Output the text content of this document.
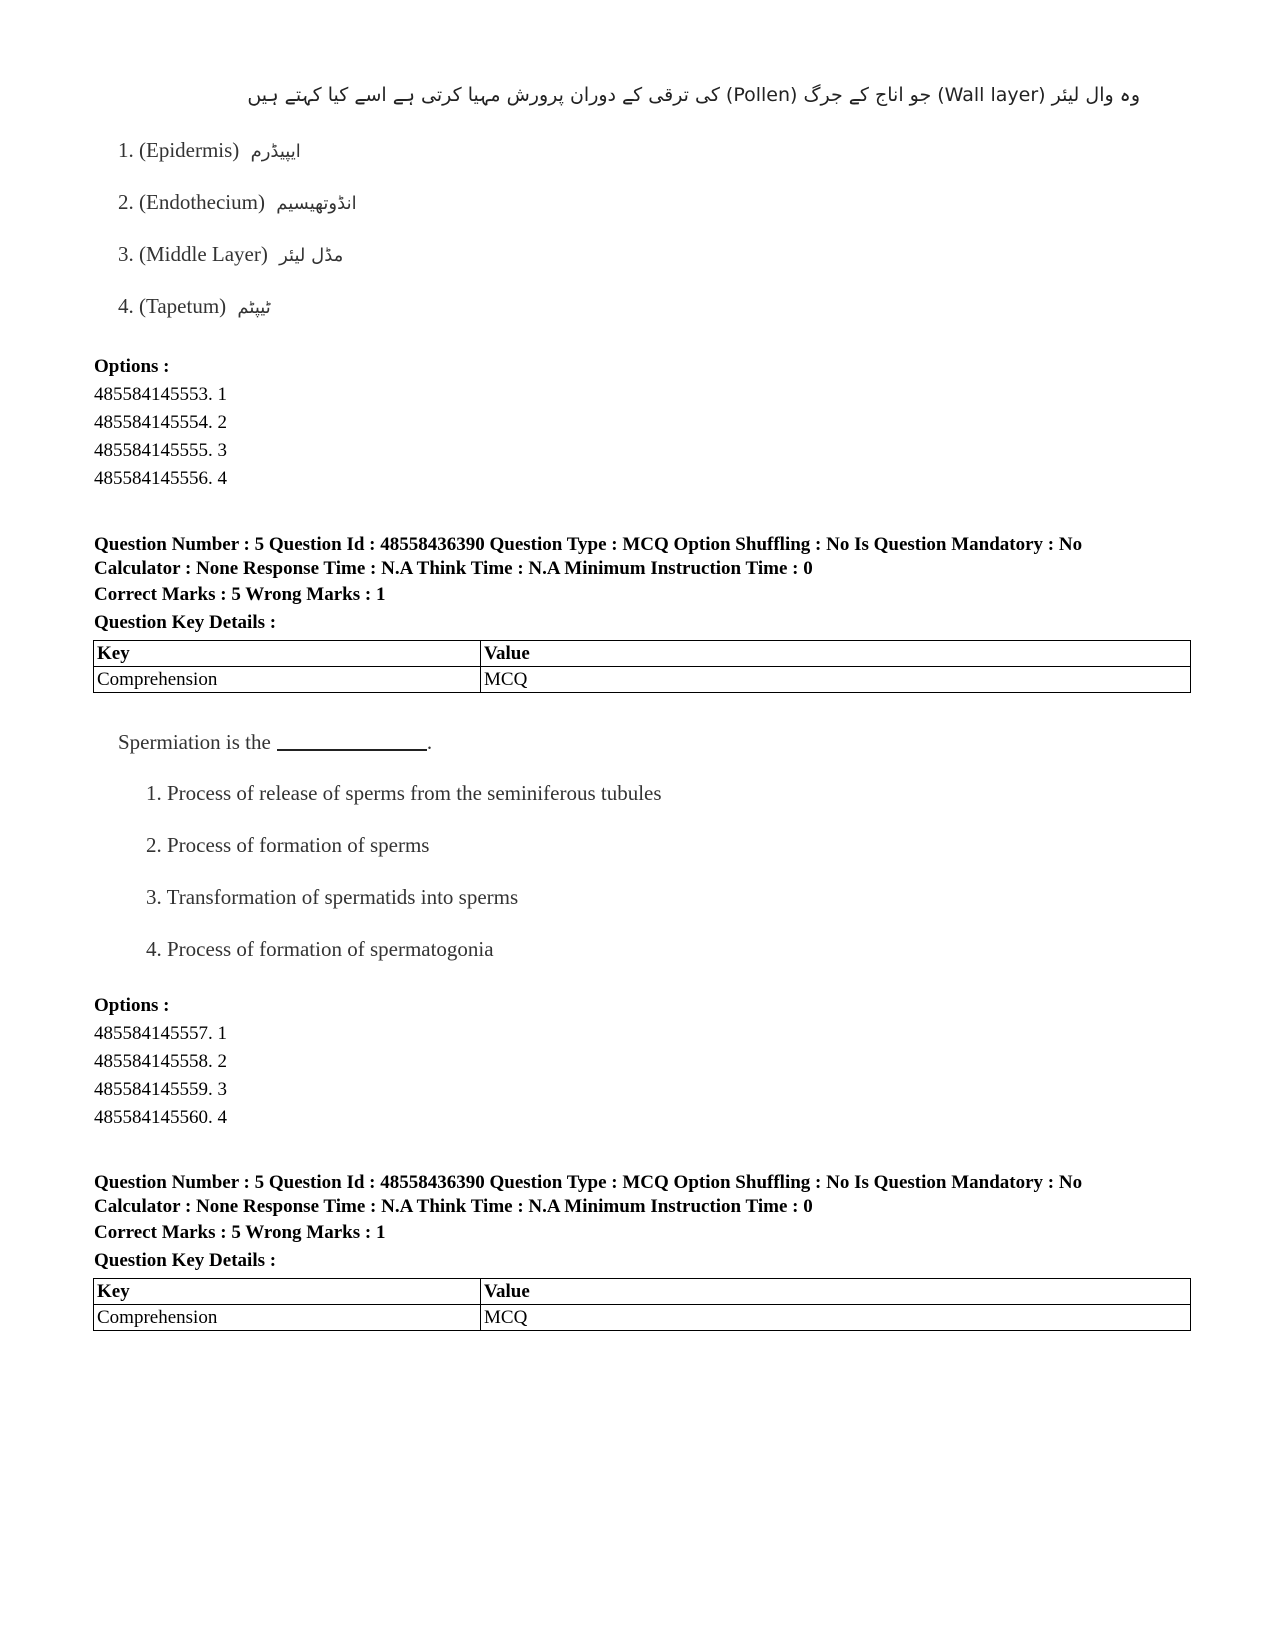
وہ وال لیئر (Wall layer) جو اناج کے جرگ (Pollen) کی ترقی کے دوران پرورش مہیا کرتی ہے اسے کیا کہتے ہیں
1. (Epidermis) ایپیڈرم
2. (Endothecium) انڈوتھیسیم
3. (Middle Layer) مڈل لیئر
4. (Tapetum) ٹیپٹم
Options :
485584145553. 1
485584145554. 2
485584145555. 3
485584145556. 4
Question Number : 5 Question Id : 48558436390 Question Type : MCQ Option Shuffling : No Is Question Mandatory : No
Calculator : None Response Time : N.A Think Time : N.A Minimum Instruction Time : 0
Correct Marks : 5 Wrong Marks : 1
Question Key Details :
Key	Value
Comprehension	MCQ
Spermiation is the	.
1. Process of release of sperms from the seminiferous tubules
2. Process of formation of sperms
3. Transformation of spermatids into sperms
4. Process of formation of spermatogonia
Options :
485584145557. 1
485584145558. 2
485584145559. 3
485584145560. 4
Question Number : 5 Question Id : 48558436390 Question Type : MCQ Option Shuffling : No Is Question Mandatory : No
Calculator : None Response Time : N.A Think Time : N.A Minimum Instruction Time : 0
Correct Marks : 5 Wrong Marks : 1
Question Key Details :
Key	Value
Comprehension	MCQ
